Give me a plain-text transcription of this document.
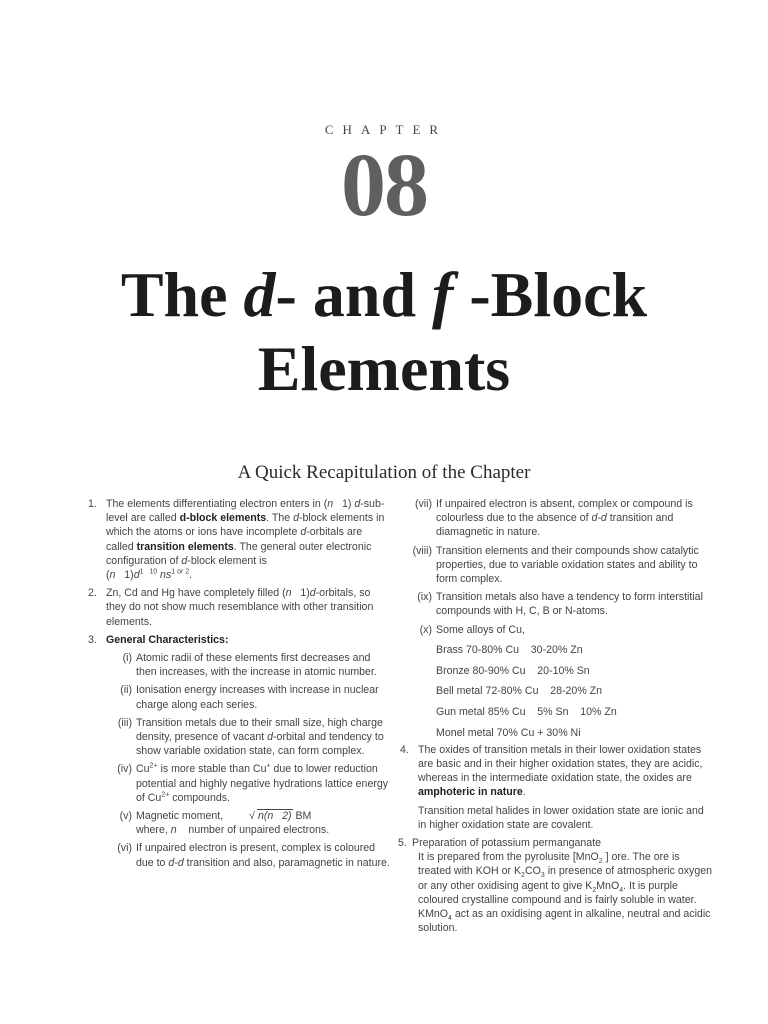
CHAPTER
08
The d- and f -Block
Elements
A Quick Recapitulation of the Chapter
1. The elements differentiating electron enters in (n   1) d-sub-level are called d-block elements. The d-block elements in which the atoms or ions have incomplete d-orbitals are called transition elements. The general outer electronic configuration of d-block element is
(n   $1)d^{1 10}$ $ns^{1 or 2}$.
2. Zn, Cd and Hg have completely filled (n   1)d-orbitals, so they do not show much resemblance with other transition elements.
3. General Characteristics:
(i) Atomic radii of these elements first decreases and then increases, with the increase in atomic number.
(ii) Ionisation energy increases with increase in nuclear charge along each series.
(iii) Transition metals due to their small size, high charge density, presence of vacant d-orbital and tendency to show variable oxidation state, can form complex.
(iv) $Cu^{2+}$ is more stable than Cu+ due to lower reduction potential and highly negative hydrations lattice energy of $Cu^{2+}$ compounds.
(v) Magnetic moment, √ n(n   2) BM
where, n    number of unpaired electrons.
(vi) If unpaired electron is present, complex is coloured due to d-d transition and also, paramagnetic in nature.
(vii) If unpaired electron is absent, complex or compound is colourless due to the absence of d-d transition and diamagnetic in nature.
(viii) Transition elements and their compounds show catalytic properties, due to variable oxidation states and ability to form complex.
(ix) Transition metals also have a tendency to form interstitial compounds with H, C, B or N-atoms.
(x) Some alloys of Cu,
Brass 70-80% Cu    30-20% Zn
Bronze 80-90% Cu    20-10% Sn
Bell metal 72-80% Cu    28-20% Zn
Gun metal 85% Cu    5% Sn    10% Zn
Monel metal 70% Cu + 30% Ni
4. The oxides of transition metals in their lower oxidation states are basic and in their higher oxidation states, they are acidic, whereas in the intermediate oxidation state, the oxides are amphoteric in nature.
Transition metal halides in lower oxidation state are ionic and in higher oxidation state are covalent.
5. Preparation of potassium permanganate
It is prepared from the pyrolusite [MnO$_2$ ] ore. The ore is treated with KOH or $K_2CO_3$ in presence of atmospheric oxygen or any other oxidising agent to give $K_2MnO_4$. It is purple coloured crystalline compound and is fairly soluble in water. KMnO$_4$ act as an oxidising agent in alkaline, neutral and acidic solution.
